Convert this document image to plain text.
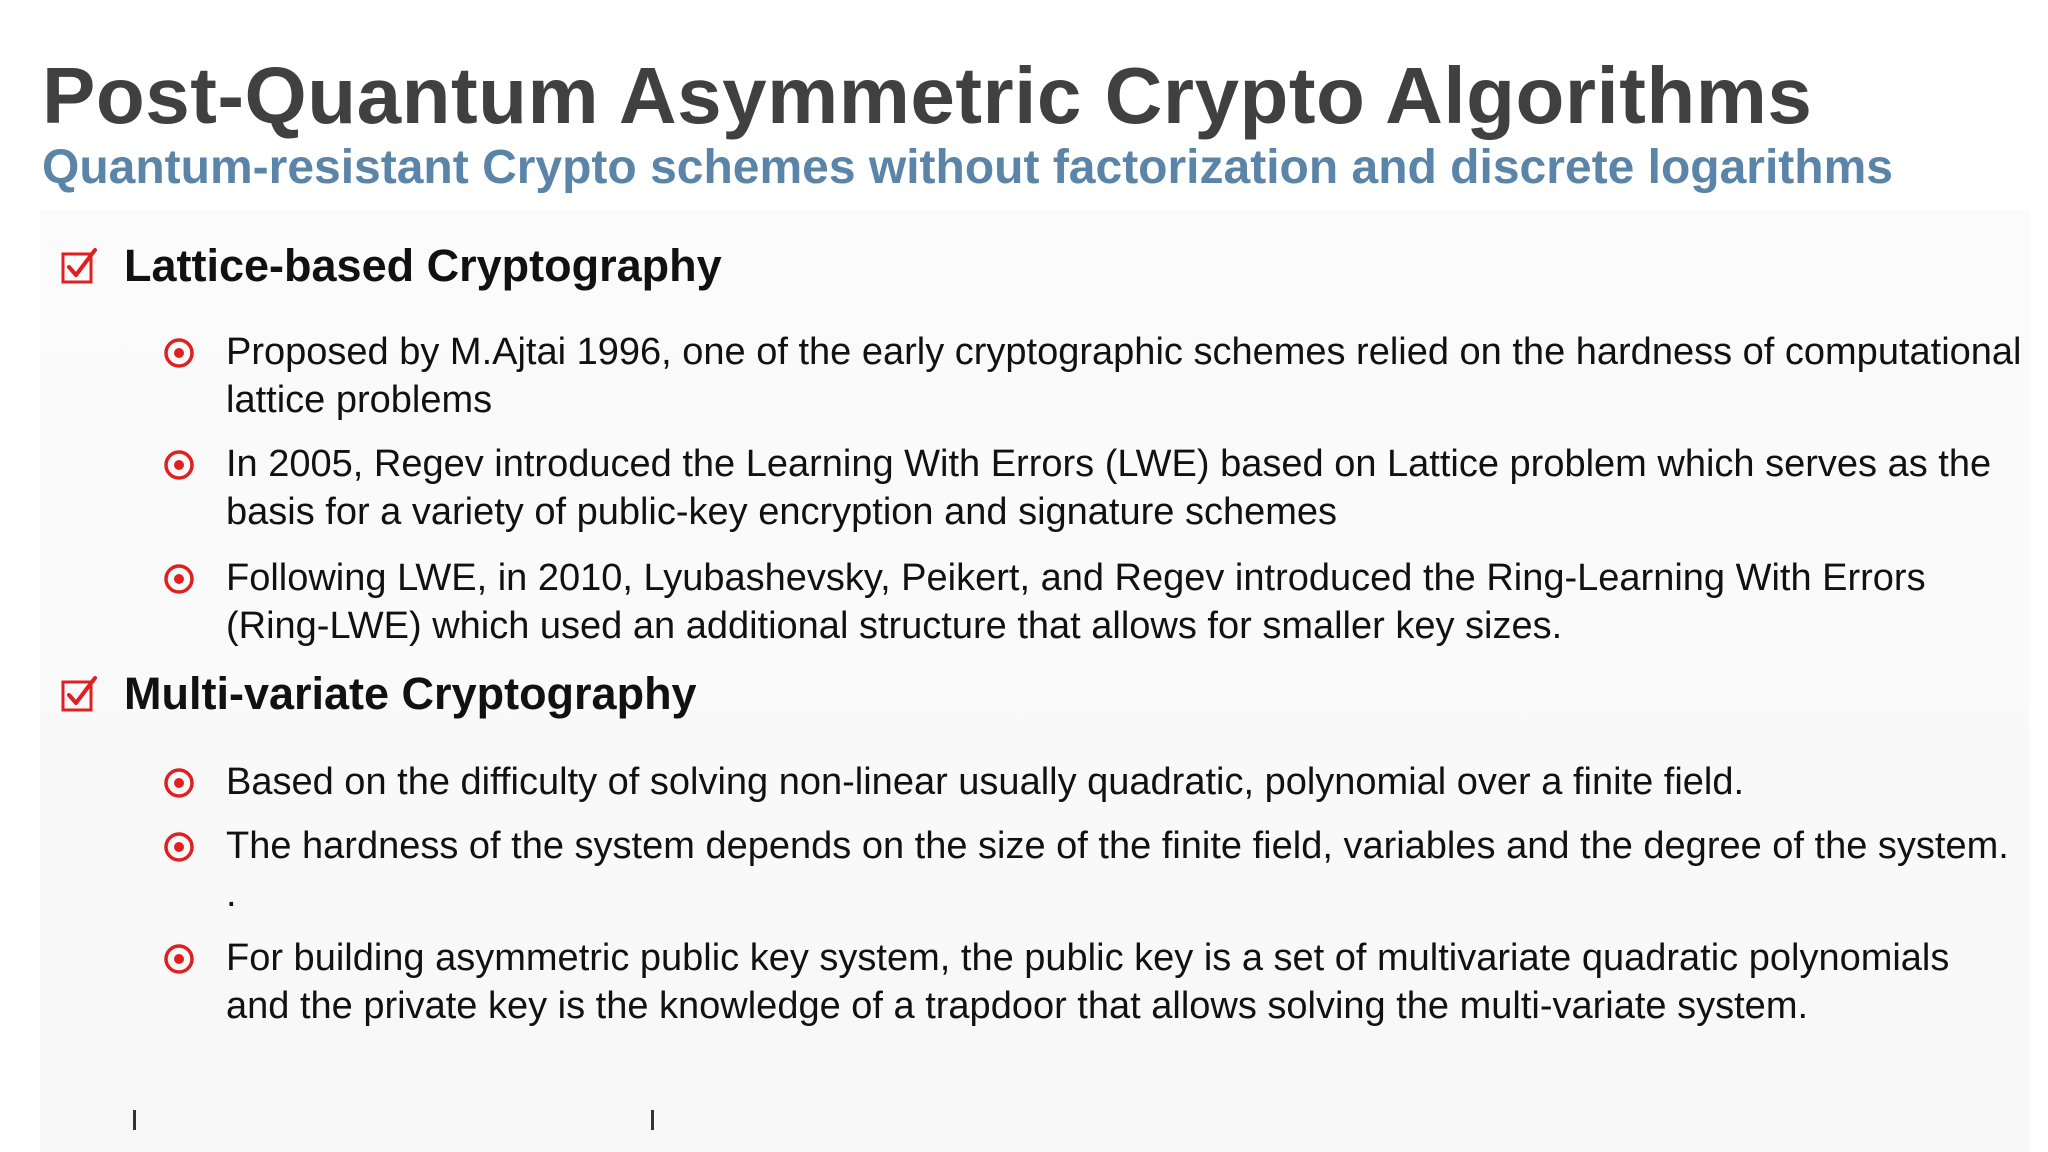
Post-Quantum Asymmetric Crypto Algorithms
Quantum-resistant Crypto schemes without factorization and discrete logarithms
Lattice-based Cryptography
Proposed by M.Ajtai 1996, one of the early cryptographic schemes relied on the hardness of computational lattice problems
In 2005, Regev introduced the Learning With Errors (LWE) based on Lattice problem which serves as the basis for a variety of public-key encryption and signature schemes
Following LWE, in 2010, Lyubashevsky, Peikert, and Regev introduced the Ring-Learning With Errors (Ring-LWE) which used an additional structure that allows for smaller key sizes.
Multi-variate Cryptography
Based on the difficulty of solving non-linear usually quadratic, polynomial over a finite field.
The hardness of the system depends on the size of the finite field, variables and the degree of the system. .
For building asymmetric public key system, the public key is a set of multivariate quadratic polynomials and the private key is the knowledge of a trapdoor that allows solving the multi-variate system.
